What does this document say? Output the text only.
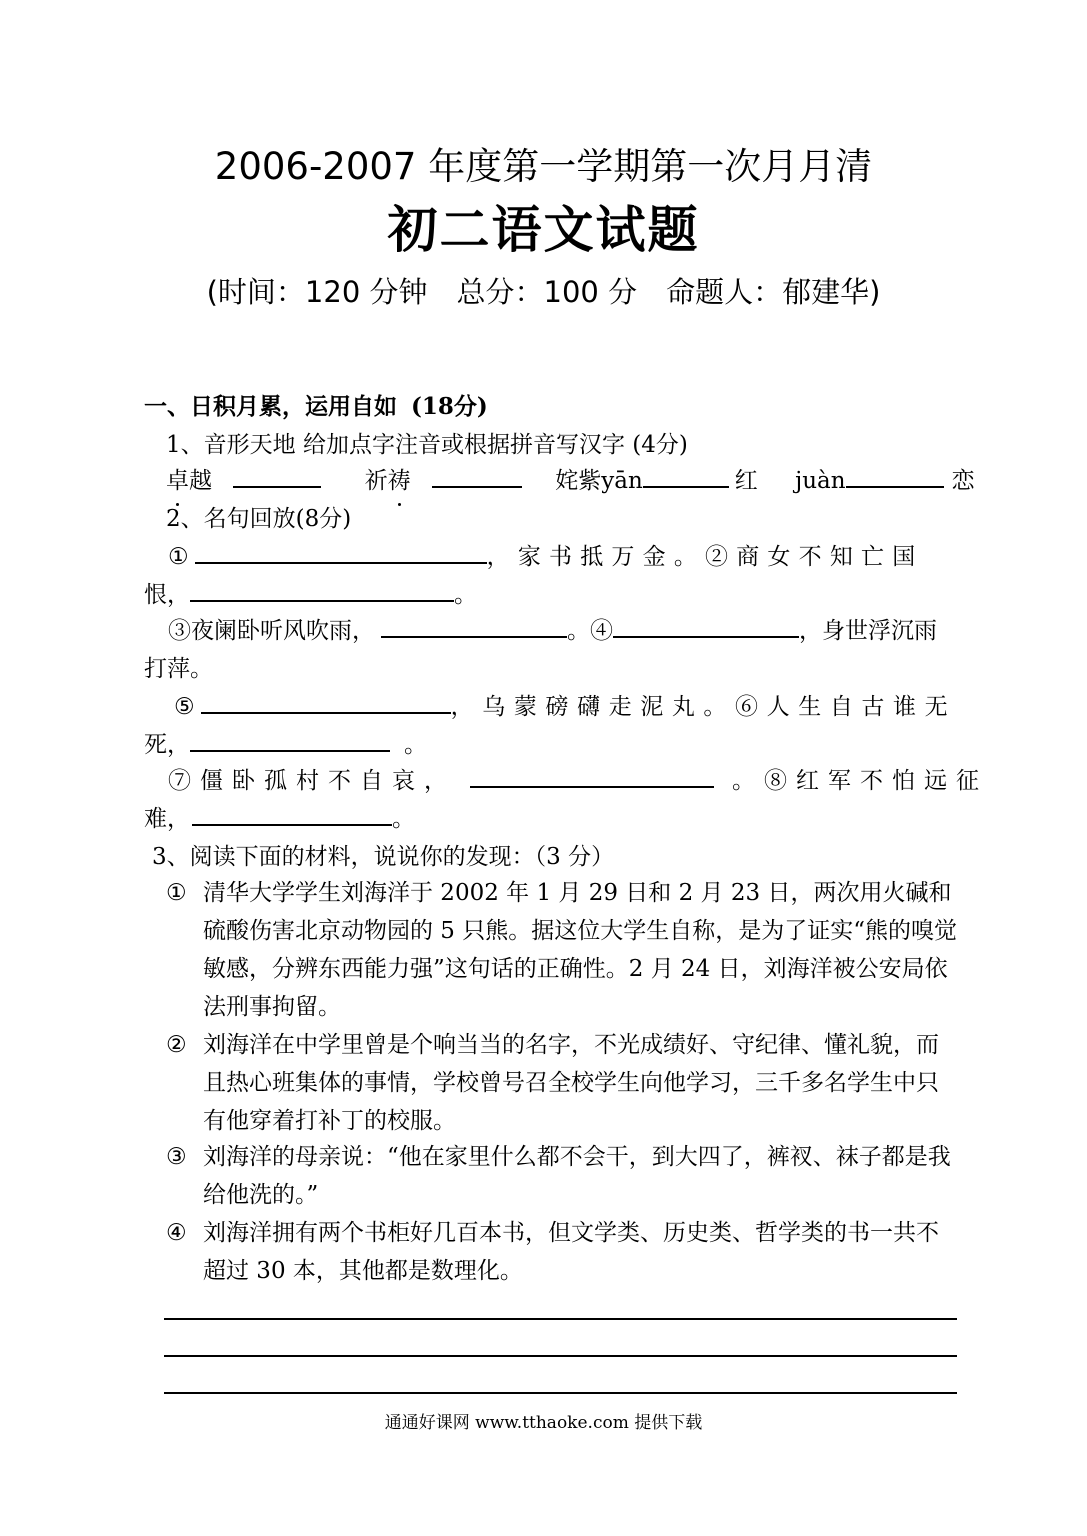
2006-2007 年度第一学期第一次月月清
初二语文试题
(时间：120 分钟　总分：100 分　命题人：郁建华)
一、日积月累，运用自如 (18分)
1、音形天地 给加点字注音或根据拼音写汉字 (4分)
卓越	祈祷	姹紫yān	红 juàn	恋
2、名句回放(8分)
①	，家书抵万金。②商女不知亡国
恨，	。
③夜阑卧听风吹雨，	。④	，身世浮沉雨
打萍。
⑤	，乌蒙磅礴走泥丸。⑥人生自古谁无
死，	。
⑦僵卧孤村不自哀，	。⑧红军不怕远征
难，	。
3、阅读下面的材料，说说你的发现：（3 分）
① 清华大学学生刘海洋于 2002 年 1 月 29 日和 2 月 23 日，两次用火碱和硫酸伤害北京动物园的 5 只熊。据这位大学生自称，是为了证实“熊的嗅觉敏感，分辨东西能力强”这句话的正确性。2 月 24 日，刘海洋被公安局依法刑事拘留。
② 刘海洋在中学里曾是个响当当的名字，不光成绩好、守纪律、懂礼貌，而且热心班集体的事情，学校曾号召全校学生向他学习，三千多名学生中只有他穿着打补丁的校服。
③ 刘海洋的母亲说：“他在家里什么都不会干，到大四了，裤衩、袜子都是我给他洗的。”
④ 刘海洋拥有两个书柜好几百本书，但文学类、历史类、哲学类的书一共不超过 30 本，其他都是数理化。
通通好课网 www.tthaoke.com 提供下载
